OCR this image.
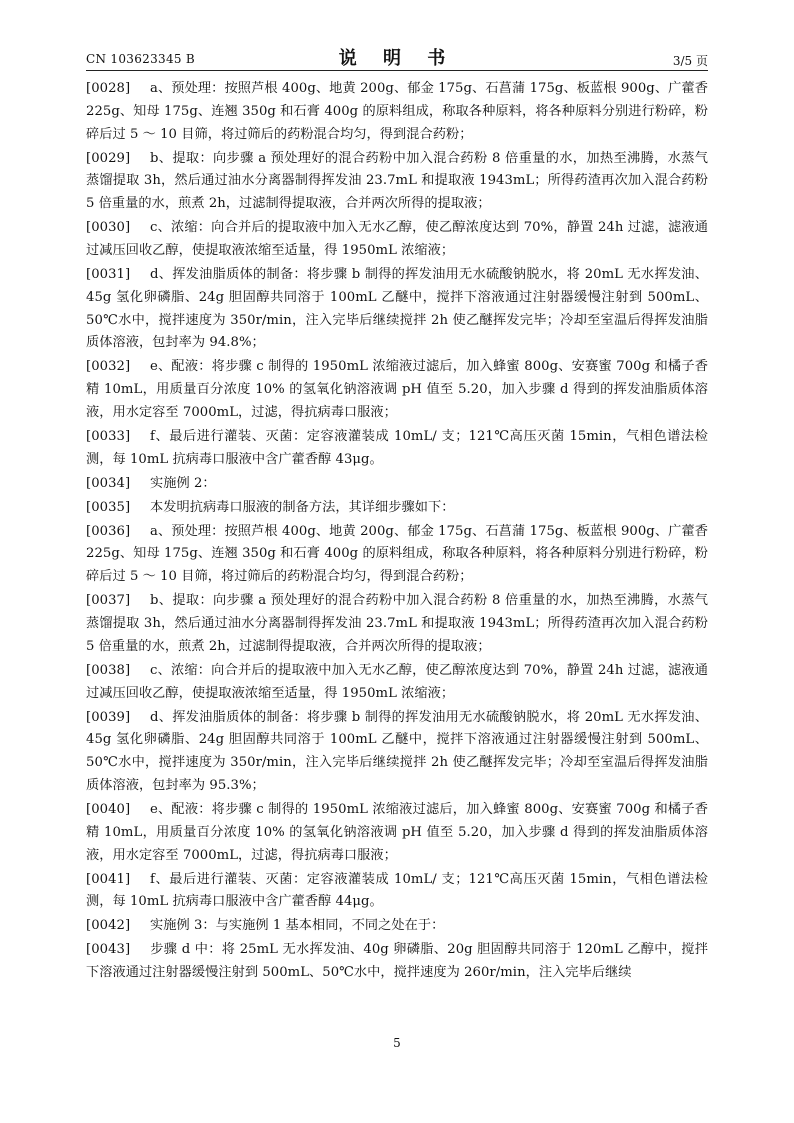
CN 103623345 B	说 明 书	3/5 页

[0028] a、预处理：按照芦根 400g、地黄 200g、郁金 175g、石菖蒲 175g、板蓝根 900g、广藿香 225g、知母 175g、连翘 350g 和石膏 400g 的原料组成，称取各种原料，将各种原料分别进行粉碎，粉碎后过 5 ～ 10 目筛，将过筛后的药粉混合均匀，得到混合药粉；

[0029] b、提取：向步骤 a 预处理好的混合药粉中加入混合药粉 8 倍重量的水，加热至沸腾，水蒸气蒸馏提取 3h，然后通过油水分离器制得挥发油 23.7mL 和提取液 1943mL；所得药渣再次加入混合药粉 5 倍重量的水，煎煮 2h，过滤制得提取液，合并两次所得的提取液；

[0030] c、浓缩：向合并后的提取液中加入无水乙醇，使乙醇浓度达到 70%，静置 24h 过滤，滤液通过减压回收乙醇，使提取液浓缩至适量，得 1950mL 浓缩液；

[0031] d、挥发油脂质体的制备：将步骤 b 制得的挥发油用无水硫酸钠脱水，将 20mL 无水挥发油、45g 氢化卵磷脂、24g 胆固醇共同溶于 100mL 乙醚中，搅拌下溶液通过注射器缓慢注射到 500mL、50℃水中，搅拌速度为 350r/min，注入完毕后继续搅拌 2h 使乙醚挥发完毕；冷却至室温后得挥发油脂质体溶液，包封率为 94.8%；

[0032] e、配液：将步骤 c 制得的 1950mL 浓缩液过滤后，加入蜂蜜 800g、安赛蜜 700g 和橘子香精 10mL，用质量百分浓度 10% 的氢氧化钠溶液调 pH 值至 5.20，加入步骤 d 得到的挥发油脂质体溶液，用水定容至 7000mL，过滤，得抗病毒口服液；

[0033] f、最后进行灌装、灭菌：定容液灌装成 10mL/ 支；121℃高压灭菌 15min，气相色谱法检测，每 10mL 抗病毒口服液中含广藿香醇 43μg。

[0034] 实施例 2：

[0035] 本发明抗病毒口服液的制备方法，其详细步骤如下：

[0036] a、预处理：按照芦根 400g、地黄 200g、郁金 175g、石菖蒲 175g、板蓝根 900g、广藿香 225g、知母 175g、连翘 350g 和石膏 400g 的原料组成，称取各种原料，将各种原料分别进行粉碎，粉碎后过 5 ～ 10 目筛，将过筛后的药粉混合均匀，得到混合药粉；

[0037] b、提取：向步骤 a 预处理好的混合药粉中加入混合药粉 8 倍重量的水，加热至沸腾，水蒸气蒸馏提取 3h，然后通过油水分离器制得挥发油 23.7mL 和提取液 1943mL；所得药渣再次加入混合药粉 5 倍重量的水，煎煮 2h，过滤制得提取液，合并两次所得的提取液；

[0038] c、浓缩：向合并后的提取液中加入无水乙醇，使乙醇浓度达到 70%，静置 24h 过滤，滤液通过减压回收乙醇，使提取液浓缩至适量，得 1950mL 浓缩液；

[0039] d、挥发油脂质体的制备：将步骤 b 制得的挥发油用无水硫酸钠脱水，将 20mL 无水挥发油、45g 氢化卵磷脂、24g 胆固醇共同溶于 100mL 乙醚中，搅拌下溶液通过注射器缓慢注射到 500mL、50℃水中，搅拌速度为 350r/min，注入完毕后继续搅拌 2h 使乙醚挥发完毕；冷却至室温后得挥发油脂质体溶液，包封率为 95.3%；

[0040] e、配液：将步骤 c 制得的 1950mL 浓缩液过滤后，加入蜂蜜 800g、安赛蜜 700g 和橘子香精 10mL，用质量百分浓度 10% 的氢氧化钠溶液调 pH 值至 5.20，加入步骤 d 得到的挥发油脂质体溶液，用水定容至 7000mL，过滤，得抗病毒口服液；

[0041] f、最后进行灌装、灭菌：定容液灌装成 10mL/ 支；121℃高压灭菌 15min，气相色谱法检测，每 10mL 抗病毒口服液中含广藿香醇 44μg。

[0042] 实施例 3：与实施例 1 基本相同，不同之处在于：

[0043] 步骤 d 中：将 25mL 无水挥发油、40g 卵磷脂、20g 胆固醇共同溶于 120mL 乙醇中，搅拌下溶液通过注射器缓慢注射到 500mL、50℃水中，搅拌速度为 260r/min，注入完毕后继续

5
